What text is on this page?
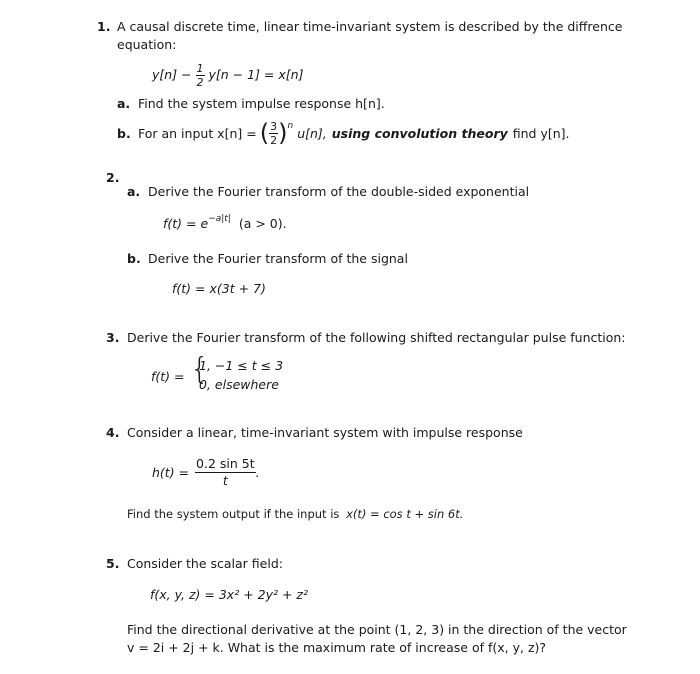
1. A causal discrete time, linear time-invariant system is described by the diffrence
equation:
$y[n] - \frac{1}{2} y[n - 1] = x[n]$
a. Find the system impulse response h[n].
b. For an input x[n] = ( $\frac{3}{2}$ ) n u[n], using convolution theory find y[n].
2.
a. Derive the Fourier transform of the double-sided exponential
$f(t) = e^{-a|t|}$ (a > 0).
b. Derive the Fourier transform of the signal
f(t) = x(3t + 7)
3. Derive the Fourier transform of the following shifted rectangular pulse function:
f(t) = {
1, −1 ≤ t ≤ 3
0, elsewhere
4. Consider a linear, time-invariant system with impulse response
$h(t) = \frac{0.2 \sin 5t}{t}$ .
Find the system output if the input is x(t) = cos t + sin 6t.
5. Consider the scalar field:
f(x, y, z) = 3x² + 2y² + z²
Find the directional derivative at the point (1, 2, 3) in the direction of the vector
v = 2i + 2j + k. What is the maximum rate of increase of f(x, y, z)?
